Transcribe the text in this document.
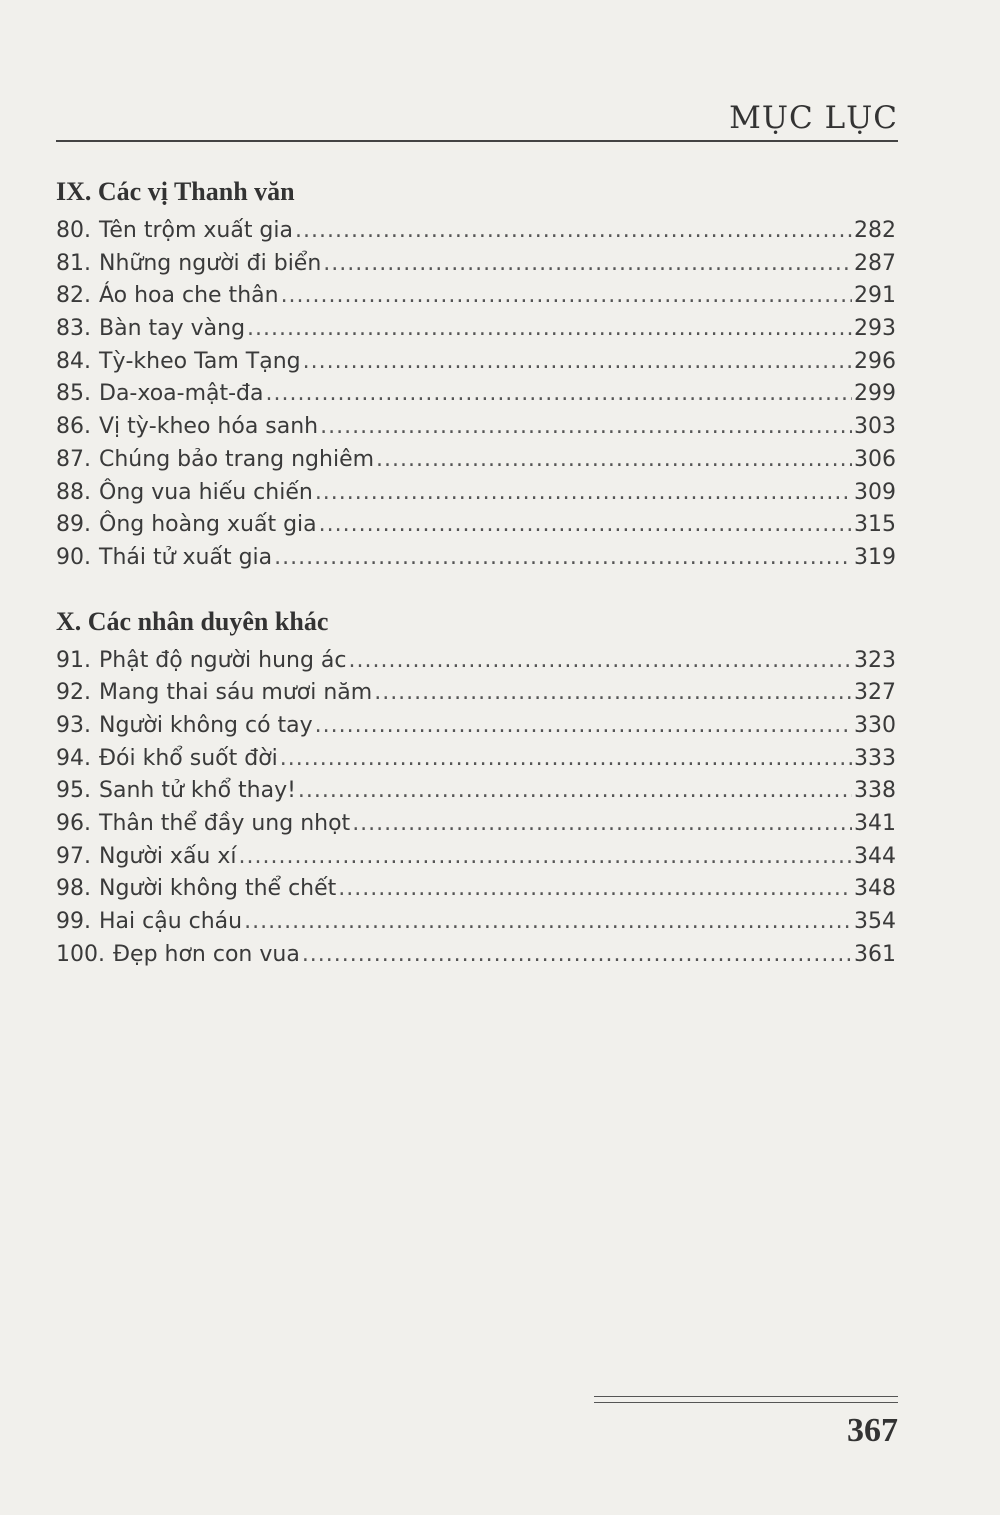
MỤC LỤC
IX. Các vị Thanh văn
80. Tên trộm xuất gia .....	282
81. Những người đi biển .....	287
82. Áo hoa che thân .....	291
83. Bàn tay vàng .....	293
84. Tỳ-kheo Tam Tạng .....	296
85. Da-xoa-mật-đa .....	299
86. Vị tỳ-kheo hóa sanh .....	303
87. Chúng bảo trang nghiêm .....	306
88. Ông vua hiếu chiến .....	309
89. Ông hoàng xuất gia .....	315
90. Thái tử xuất gia .....	319
X. Các nhân duyên khác
91. Phật độ người hung ác .....	323
92. Mang thai sáu mươi năm .....	327
93. Người không có tay .....	330
94. Đói khổ suốt đời .....	333
95. Sanh tử khổ thay! .....	338
96. Thân thể đầy ung nhọt .....	341
97. Người xấu xí .....	344
98. Người không thể chết .....	348
99. Hai cậu cháu .....	354
100. Đẹp hơn con vua .....	361
367
